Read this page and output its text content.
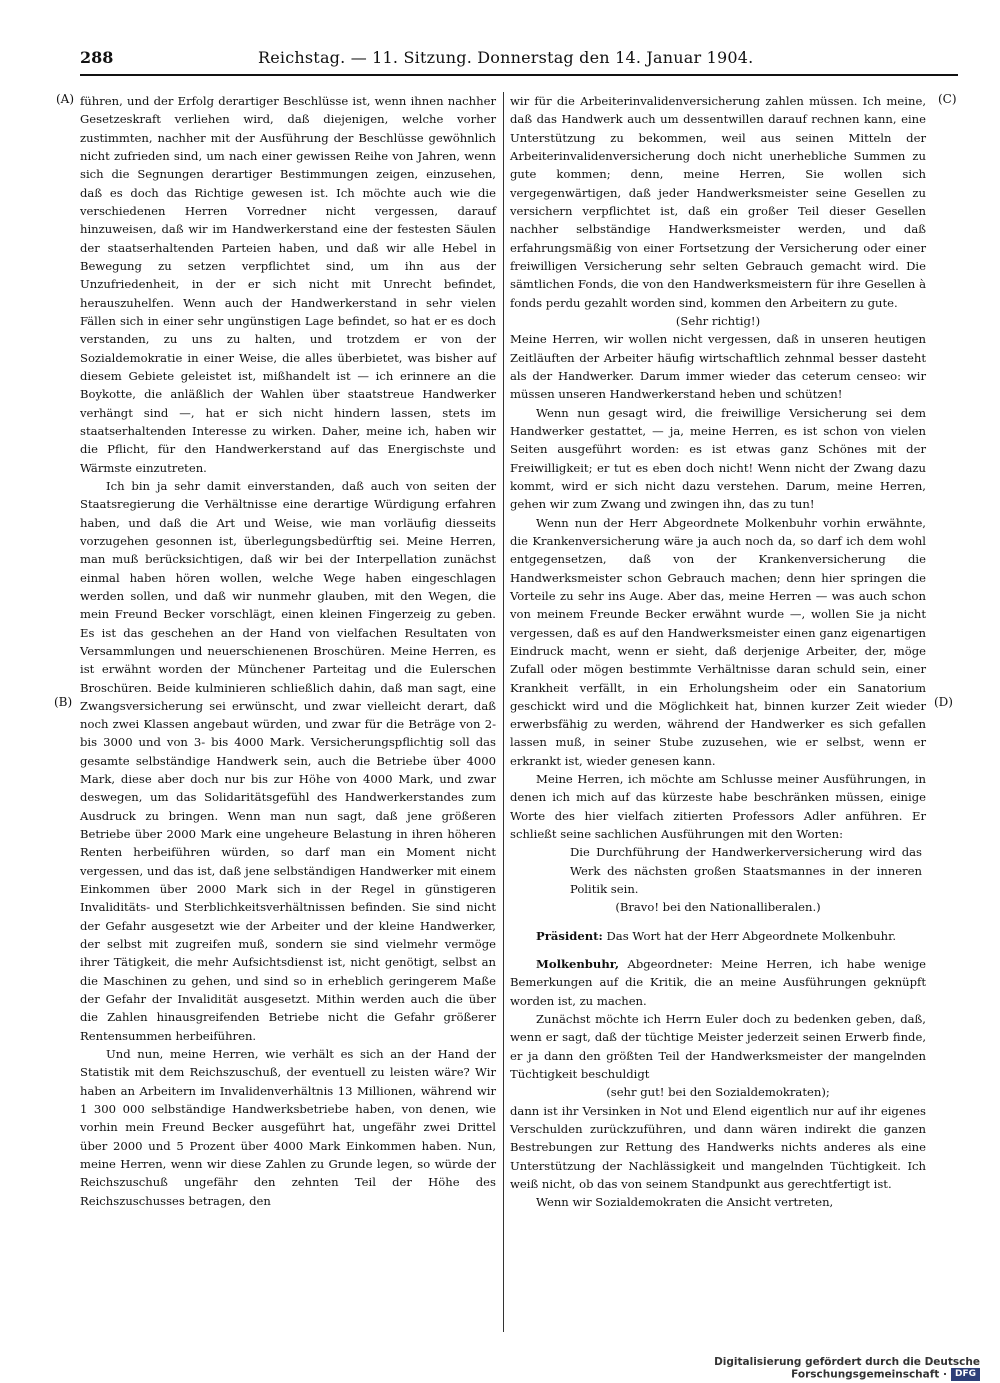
288	Reichstag. — 11. Sitzung. Donnerstag den 14. Januar 1904.
(A)
(B)
(C)
(D)

führen, und der Erfolg derartiger Beschlüsse ist, wenn ihnen nachher Gesetzeskraft verliehen wird, daß diejenigen, welche vorher zustimmten, nachher mit der Ausführung der Beschlüsse gewöhnlich nicht zufrieden sind, um nach einer gewissen Reihe von Jahren, wenn sich die Segnungen derartiger Bestimmungen zeigen, einzusehen, daß es doch das Richtige gewesen ist. Ich möchte auch wie die verschiedenen Herren Vorredner nicht vergessen, darauf hinzuweisen, daß wir im Handwerkerstand eine der festesten Säulen der staatserhaltenden Parteien haben, und daß wir alle Hebel in Bewegung zu setzen verpflichtet sind, um ihn aus der Unzufriedenheit, in der er sich nicht mit Unrecht befindet, herauszuhelfen. Wenn auch der Handwerkerstand in sehr vielen Fällen sich in einer sehr ungünstigen Lage befindet, so hat er es doch verstanden, zu uns zu halten, und trotzdem er von der Sozialdemokratie in einer Weise, die alles überbietet, was bisher auf diesem Gebiete geleistet ist, mißhandelt ist — ich erinnere an die Boykotte, die anläßlich der Wahlen über staatstreue Handwerker verhängt sind —, hat er sich nicht hindern lassen, stets im staatserhaltenden Interesse zu wirken. Daher, meine ich, haben wir die Pflicht, für den Handwerkerstand auf das Energischste und Wärmste einzutreten.

Ich bin ja sehr damit einverstanden, daß auch von seiten der Staatsregierung die Verhältnisse eine derartige Würdigung erfahren haben, und daß die Art und Weise, wie man vorläufig diesseits vorzugehen gesonnen ist, überlegungsbedürftig sei. Meine Herren, man muß berücksichtigen, daß wir bei der Interpellation zunächst einmal haben hören wollen, welche Wege haben eingeschlagen werden sollen, und daß wir nunmehr glauben, mit den Wegen, die mein Freund Becker vorschlägt, einen kleinen Fingerzeig zu geben. Es ist das geschehen an der Hand von vielfachen Resultaten von Versammlungen und neuerschienenen Broschüren. Meine Herren, es ist erwähnt worden der Münchener Parteitag und die Eulerschen Broschüren. Beide kulminieren schließlich dahin, daß man sagt, eine Zwangsversicherung sei erwünscht, und zwar vielleicht derart, daß noch zwei Klassen angebaut würden, und zwar für die Beträge von 2- bis 3000 und von 3- bis 4000 Mark. Versicherungspflichtig soll das gesamte selbständige Handwerk sein, auch die Betriebe über 4000 Mark, diese aber doch nur bis zur Höhe von 4000 Mark, und zwar deswegen, um das Solidaritätsgefühl des Handwerkerstandes zum Ausdruck zu bringen. Wenn man nun sagt, daß jene größeren Betriebe über 2000 Mark eine ungeheure Belastung in ihren höheren Renten herbeiführen würden, so darf man ein Moment nicht vergessen, und das ist, daß jene selbständigen Handwerker mit einem Einkommen über 2000 Mark sich in der Regel in günstigeren Invaliditäts- und Sterblichkeitsverhältnissen befinden. Sie sind nicht der Gefahr ausgesetzt wie der Arbeiter und der kleine Handwerker, der selbst mit zugreifen muß, sondern sie sind vielmehr vermöge ihrer Tätigkeit, die mehr Aufsichtsdienst ist, nicht genötigt, selbst an die Maschinen zu gehen, und sind so in erheblich geringerem Maße der Gefahr der Invalidität ausgesetzt. Mithin werden auch die über die Zahlen hinausgreifenden Betriebe nicht die Gefahr größerer Rentensummen herbeiführen.

Und nun, meine Herren, wie verhält es sich an der Hand der Statistik mit dem Reichszuschuß, der eventuell zu leisten wäre? Wir haben an Arbeitern im Invalidenverhältnis 13 Millionen, während wir 1 300 000 selbständige Handwerksbetriebe haben, von denen, wie vorhin mein Freund Becker ausgeführt hat, ungefähr zwei Drittel über 2000 und 5 Prozent über 4000 Mark Einkommen haben. Nun, meine Herren, wenn wir diese Zahlen zu Grunde legen, so würde der Reichszuschuß ungefähr den zehnten Teil der Höhe des Reichszuschusses betragen, den

wir für die Arbeiterinvalidenversicherung zahlen müssen. Ich meine, daß das Handwerk auch um dessentwillen darauf rechnen kann, eine Unterstützung zu bekommen, weil aus seinen Mitteln der Arbeiterinvalidenversicherung doch nicht unerhebliche Summen zu gute kommen; denn, meine Herren, Sie wollen sich vergegenwärtigen, daß jeder Handwerksmeister seine Gesellen zu versichern verpflichtet ist, daß ein großer Teil dieser Gesellen nachher selbständige Handwerksmeister werden, und daß erfahrungsmäßig von einer Fortsetzung der Versicherung oder einer freiwilligen Versicherung sehr selten Gebrauch gemacht wird. Die sämtlichen Fonds, die von den Handwerksmeistern für ihre Gesellen à fonds perdu gezahlt worden sind, kommen den Arbeitern zu gute.

(Sehr richtig!)

Meine Herren, wir wollen nicht vergessen, daß in unseren heutigen Zeitläuften der Arbeiter häufig wirtschaftlich zehnmal besser dasteht als der Handwerker. Darum immer wieder das ceterum censeo: wir müssen unseren Handwerkerstand heben und schützen!

Wenn nun gesagt wird, die freiwillige Versicherung sei dem Handwerker gestattet, — ja, meine Herren, es ist schon von vielen Seiten ausgeführt worden: es ist etwas ganz Schönes mit der Freiwilligkeit; er tut es eben doch nicht! Wenn nicht der Zwang dazu kommt, wird er sich nicht dazu verstehen. Darum, meine Herren, gehen wir zum Zwang und zwingen ihn, das zu tun!

Wenn nun der Herr Abgeordnete Molkenbuhr vorhin erwähnte, die Krankenversicherung wäre ja auch noch da, so darf ich dem wohl entgegensetzen, daß von der Krankenversicherung die Handwerksmeister schon Gebrauch machen; denn hier springen die Vorteile zu sehr ins Auge. Aber das, meine Herren — was auch schon von meinem Freunde Becker erwähnt wurde —, wollen Sie ja nicht vergessen, daß es auf den Handwerksmeister einen ganz eigenartigen Eindruck macht, wenn er sieht, daß derjenige Arbeiter, der, möge Zufall oder mögen bestimmte Verhältnisse daran schuld sein, einer Krankheit verfällt, in ein Erholungsheim oder ein Sanatorium geschickt wird und die Möglichkeit hat, binnen kurzer Zeit wieder erwerbsfähig zu werden, während der Handwerker es sich gefallen lassen muß, in seiner Stube zuzusehen, wie er selbst, wenn er erkrankt ist, wieder genesen kann.

Meine Herren, ich möchte am Schlusse meiner Ausführungen, in denen ich mich auf das kürzeste habe beschränken müssen, einige Worte des hier vielfach zitierten Professors Adler anführen. Er schließt seine sachlichen Ausführungen mit den Worten:

Die Durchführung der Handwerkerversicherung wird das Werk des nächsten großen Staatsmannes in der inneren Politik sein.

(Bravo! bei den Nationalliberalen.)

Präsident: Das Wort hat der Herr Abgeordnete Molkenbuhr.

Molkenbuhr, Abgeordneter: Meine Herren, ich habe wenige Bemerkungen auf die Kritik, die an meine Ausführungen geknüpft worden ist, zu machen.

Zunächst möchte ich Herrn Euler doch zu bedenken geben, daß, wenn er sagt, daß der tüchtige Meister jederzeit seinen Erwerb finde, er ja dann den größten Teil der Handwerksmeister der mangelnden Tüchtigkeit beschuldigt

(sehr gut! bei den Sozialdemokraten);

dann ist ihr Versinken in Not und Elend eigentlich nur auf ihr eigenes Verschulden zurückzuführen, und dann wären indirekt die ganzen Bestrebungen zur Rettung des Handwerks nichts anderes als eine Unterstützung der Nachlässigkeit und mangelnden Tüchtigkeit. Ich weiß nicht, ob das von seinem Standpunkt aus gerechtfertigt ist.

Wenn wir Sozialdemokraten die Ansicht vertreten,

Digitalisierung gefördert durch die Deutsche Forschungsgemeinschaft · DFG
